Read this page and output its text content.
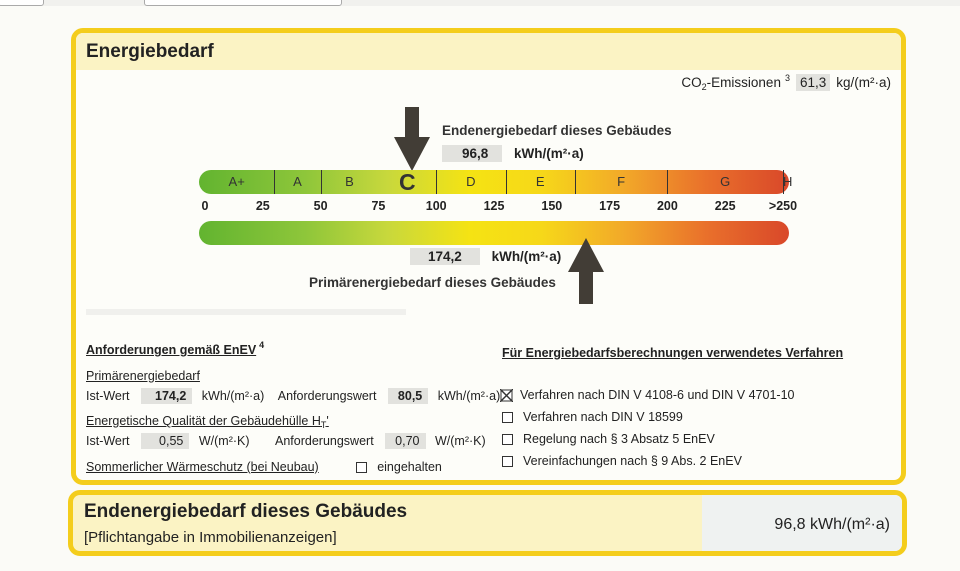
Energiebedarf
$CO_2$-Emissionen $^3$ 61,3 kg/(m²·a)
Endenergiebedarf dieses Gebäudes
96,8 kWh/(m²·a)
A+	A	B	C	D	E	F	G	H
0	25	50	75	100	125	150	175	200	225	>250
174,2 kWh/(m²·a)
Primärenergiebedarf dieses Gebäudes
▬▬▬▬▬▬▬▬▬▬▬▬▬▬▬▬
Anforderungen gemäß EnEV 4
Primärenergiebedarf
Ist-Wert 174,2 kWh/(m²·a) Anforderungswert 80,5 kWh/(m²·a)
Energetische Qualität der Gebäudehülle $H_T'$
Ist-Wert 0,55 W/(m²·K) Anforderungswert 0,70 W/(m²·K)
Sommerlicher Wärmeschutz (bei Neubau)	eingehalten
Für Energiebedarfsberechnungen verwendetes Verfahren
Verfahren nach DIN V 4108-6 und DIN V 4701-10
Verfahren nach DIN V 18599
Regelung nach § 3 Absatz 5 EnEV
Vereinfachungen nach § 9 Abs. 2 EnEV
Endenergiebedarf dieses Gebäudes
[Pflichtangabe in Immobilienanzeigen]
96,8 kWh/(m²·a)
